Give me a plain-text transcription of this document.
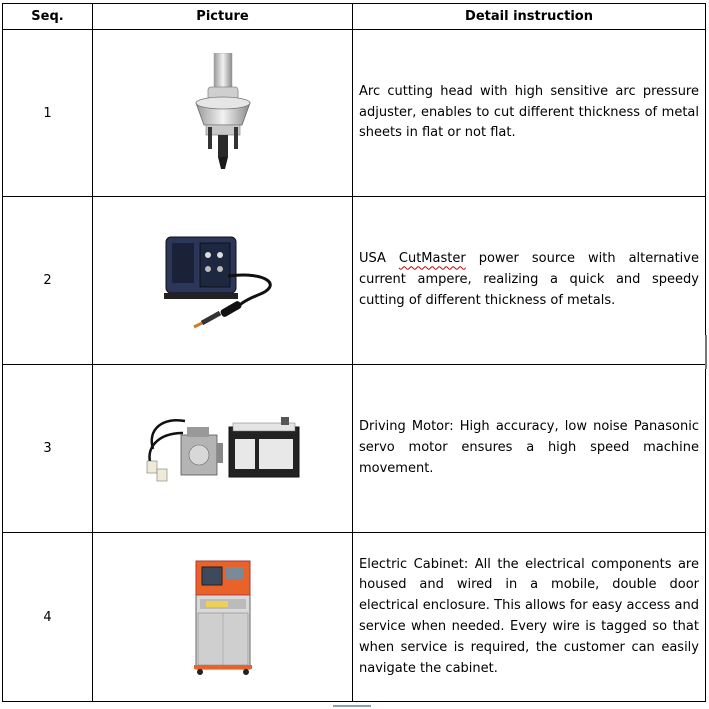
Seq.	Picture	Detail instruction
1		Arc cutting head with high sensitive arc pressure adjuster, enables to cut different thickness of metal sheets in flat or not flat.
2		USA CutMaster power source with alternative current ampere, realizing a quick and speedy cutting of different thickness of metals.
3		Driving Motor: High accuracy, low noise Panasonic servo motor ensures a high speed machine movement.
4		Electric Cabinet: All the electrical components are housed and wired in a mobile, double door electrical enclosure. This allows for easy access and service when needed. Every wire is tagged so that when service is required, the customer can easily navigate the cabinet.
